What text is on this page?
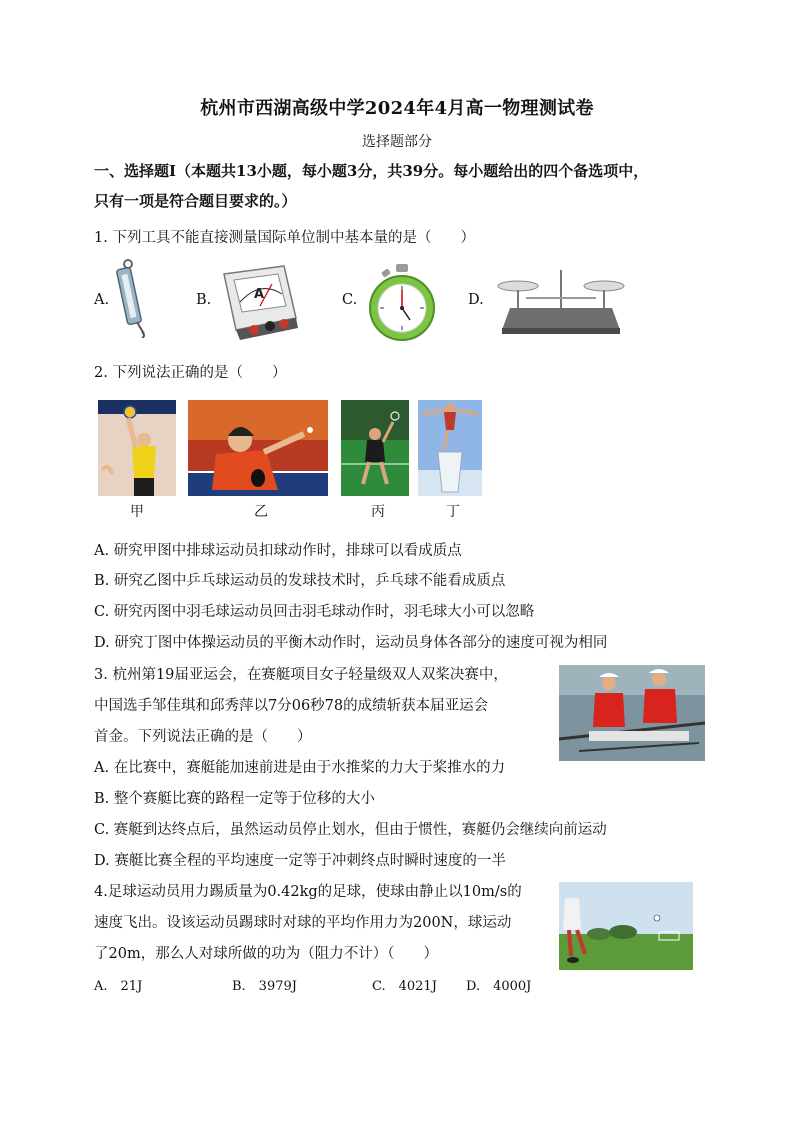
杭州市西湖高级中学2024年4月高一物理测试卷
选择题部分
一、选择题Ⅰ（本题共13小题，每小题3分，共39分。每小题给出的四个备选项中，
只有一项是符合题目要求的。）
1. 下列工具不能直接测量国际单位制中基本量的是（　　）
A.	B.	A	C.	D.
2. 下列说法正确的是（　　）
甲	乙	丙	丁
A. 研究甲图中排球运动员扣球动作时，排球可以看成质点
B. 研究乙图中乒乓球运动员的发球技术时，乒乓球不能看成质点
C. 研究丙图中羽毛球运动员回击羽毛球动作时，羽毛球大小可以忽略
D. 研究丁图中体操运动员的平衡木动作时，运动员身体各部分的速度可视为相同
3. 杭州第19届亚运会，在赛艇项目女子轻量级双人双桨决赛中，
中国选手邹佳琪和邱秀萍以7分06秒78的成绩斩获本届亚运会
首金。下列说法正确的是（　　）
A. 在比赛中，赛艇能加速前进是由于水推桨的力大于桨推水的力
B. 整个赛艇比赛的路程一定等于位移的大小
C. 赛艇到达终点后，虽然运动员停止划水，但由于惯性，赛艇仍会继续向前运动
D. 赛艇比赛全程的平均速度一定等于冲刺终点时瞬时速度的一半
4.足球运动员用力踢质量为0.42kg的足球，使球由静止以10m/s的
速度飞出。设该运动员踢球时对球的平均作用力为200N，球运动
了20m，那么人对球所做的功为（阻力不计）（　　）
A.　21J	B.　3979J	C.　4021J D.　4000J
